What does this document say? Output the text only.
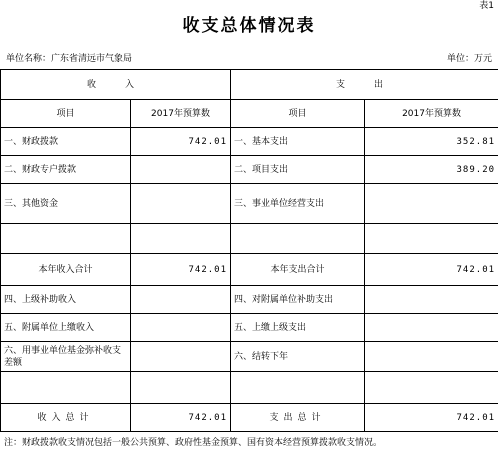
表1
收支总体情况表
单位名称：广东省清远市气象局	单位：万元
收　入		支　出	
项目	2017年预算数	项目	2017年预算数
一、财政拨款	742.01	一、基本支出	352.81
二、财政专户拨款		二、项目支出	389.20
三、其他资金		三、事业单位经营支出	

本年收入合计	742.01	本年支出合计	742.01
四、上级补助收入		四、对附属单位补助支出	
五、附属单位上缴收入		五、上缴上级支出	
六、用事业单位基金弥补收支差额		六、结转下年	

收入总计	742.01	支出总计	742.01
注：财政拨款收支情况包括一般公共预算、政府性基金预算、国有资本经营预算拨款收支情况。
